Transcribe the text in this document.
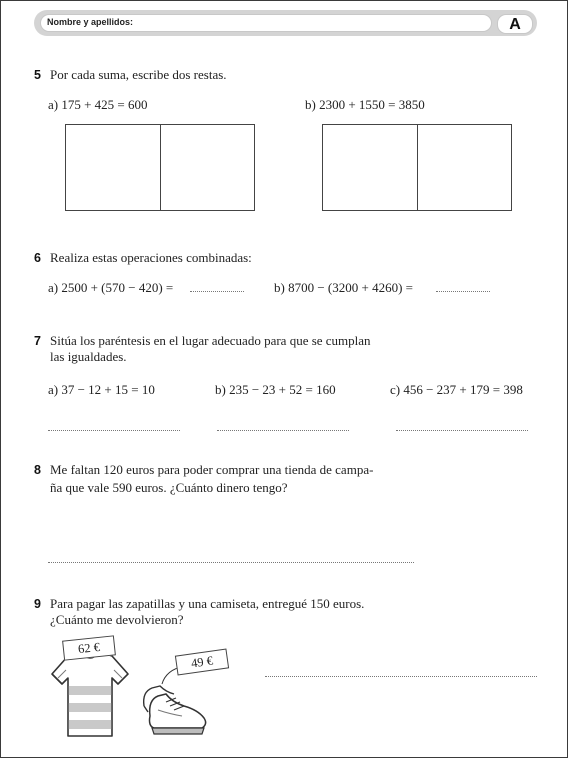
Nombre y apellidos:	A
5 Por cada suma, escribe dos restas.
a) 175 + 425 = 600	b) 2300 + 1550 = 3850
6 Realiza estas operaciones combinadas:
a) 2500 + (570 − 420) =	b) 8700 − (3200 + 4260) =
7 Sitúa los paréntesis en el lugar adecuado para que se cumplan
las igualdades.
a) 37 − 12 + 15 = 10	b) 235 − 23 + 52 = 160	c) 456 − 237 + 179 = 398
8 Me faltan 120 euros para poder comprar una tienda de campa-
ña que vale 590 euros. ¿Cuánto dinero tengo?
9 Para pagar las zapatillas y una camiseta, entregué 150 euros.
¿Cuánto me devolvieron?
62 €
49 €
